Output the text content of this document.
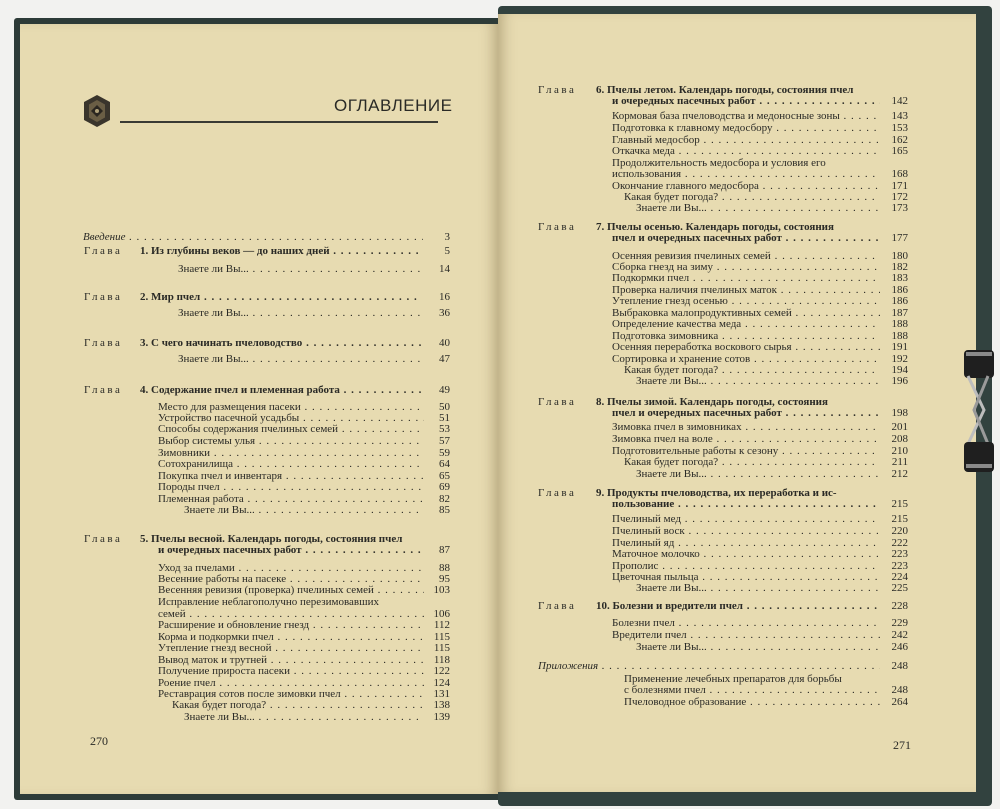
ОГЛАВЛЕНИЕ
Введение . . .	3
Глава 1. Из глубины веков — до наших дней . . .	5
Знаете ли Вы... . . .	14
Глава 2. Мир пчел . . .	16
Знаете ли Вы... . . .	36
Глава 3. С чего начинать пчеловодство . . .	40
Знаете ли Вы... . . .	47
Глава 4. Содержание пчел и племенная работа . . .	49
Место для размещения пасеки . . .	50
Устройство пасечной усадьбы . . .	51
Способы содержания пчелиных семей . . .	53
Выбор системы улья . . .	57
Зимовники . . .	59
Сотохранилища . . .	64
Покупка пчел и инвентаря . . .	65
Породы пчел . . .	69
Племенная работа . . .	82
Знаете ли Вы... . . .	85
Глава 5. Пчелы весной. Календарь погоды, состояния пчел
и очередных пасечных работ . . .	87
Уход за пчелами . . .	88
Весенние работы на пасеке . . .	95
Весенняя ревизия (проверка) пчелиных семей . . .	103
Исправление неблагополучно перезимовавших
семей . . .	106
Расширение и обновление гнезд . . .	112
Корма и подкормки пчел . . .	115
Утепление гнезд весной . . .	115
Вывод маток и трутней . . .	118
Получение прироста пасеки . . .	122
Роение пчел . . .	124
Реставрация сотов после зимовки пчел . . .	131
Какая будет погода? . . .	138
Знаете ли Вы... . . .	139
Глава 6. Пчелы летом. Календарь погоды, состояния пчел
и очередных пасечных работ . . .	142
Кормовая база пчеловодства и медоносные зоны . . .	143
Подготовка к главному медосбору . . .	153
Главный медосбор . . .	162
Откачка меда . . .	165
Продолжительность медосбора и условия его
использования . . .	168
Окончание главного медосбора . . .	171
Какая будет погода? . . .	172
Знаете ли Вы... . . .	173
Глава 7. Пчелы осенью. Календарь погоды, состояния
пчел и очередных пасечных работ . . .	177
Осенняя ревизия пчелиных семей . . .	180
Сборка гнезд на зиму . . .	182
Подкормки пчел . . .	183
Проверка наличия пчелиных маток . . .	186
Утепление гнезд осенью . . .	186
Выбраковка малопродуктивных семей . . .	187
Определение качества меда . . .	188
Подготовка зимовника . . .	188
Осенняя переработка воскового сырья . . .	191
Сортировка и хранение сотов . . .	192
Какая будет погода? . . .	194
Знаете ли Вы... . . .	196
Глава 8. Пчелы зимой. Календарь погоды, состояния
пчел и очередных пасечных работ . . .	198
Зимовка пчел в зимовниках . . .	201
Зимовка пчел на воле . . .	208
Подготовительные работы к сезону . . .	210
Какая будет погода? . . .	211
Знаете ли Вы... . . .	212
Глава 9. Продукты пчеловодства, их переработка и ис-
пользование . . .	215
Пчелиный мед . . .	215
Пчелиный воск . . .	220
Пчелиный яд . . .	222
Маточное молочко . . .	223
Прополис . . .	223
Цветочная пыльца . . .	224
Знаете ли Вы... . . .	225
Глава 10. Болезни и вредители пчел . . .	228
Болезни пчел . . .	229
Вредители пчел . . .	242
Знаете ли Вы... . . .	246
Приложения . . .	248
Применение лечебных препаратов для борьбы
с болезнями пчел . . .	248
Пчеловодное образование . . .	264
270	271
